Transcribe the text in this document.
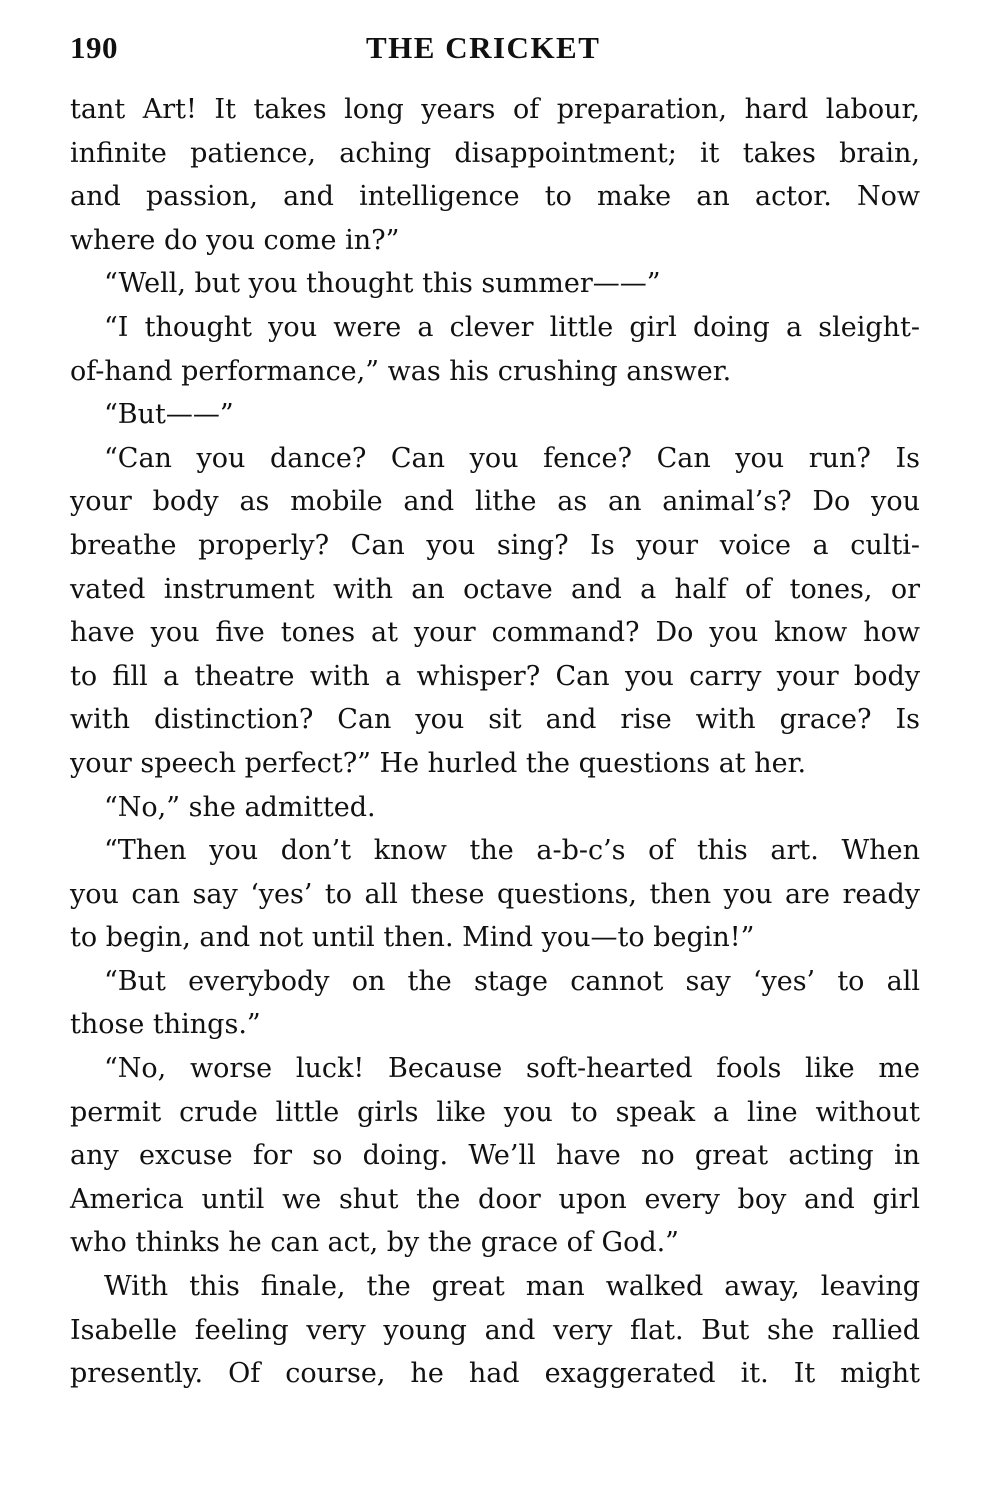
190	THE CRICKET
tant Art! It takes long years of preparation, hard labour,
infinite patience, aching disappointment; it takes brain,
and passion, and intelligence to make an actor. Now
where do you come in?”
“Well, but you thought this summer——”
“I thought you were a clever little girl doing a sleight-
of-hand performance,” was his crushing answer.
“But——”
“Can you dance? Can you fence? Can you run? Is
your body as mobile and lithe as an animal’s? Do you
breathe properly? Can you sing? Is your voice a culti-
vated instrument with an octave and a half of tones, or
have you five tones at your command? Do you know how
to fill a theatre with a whisper? Can you carry your body
with distinction? Can you sit and rise with grace? Is
your speech perfect?” He hurled the questions at her.
“No,” she admitted.
“Then you don’t know the a-b-c’s of this art. When
you can say ‘yes’ to all these questions, then you are ready
to begin, and not until then. Mind you—to begin!”
“But everybody on the stage cannot say ‘yes’ to all
those things.”
“No, worse luck! Because soft-hearted fools like me
permit crude little girls like you to speak a line without
any excuse for so doing. We’ll have no great acting in
America until we shut the door upon every boy and girl
who thinks he can act, by the grace of God.”
With this finale, the great man walked away, leaving
Isabelle feeling very young and very flat. But she rallied
presently. Of course, he had exaggerated it. It might
